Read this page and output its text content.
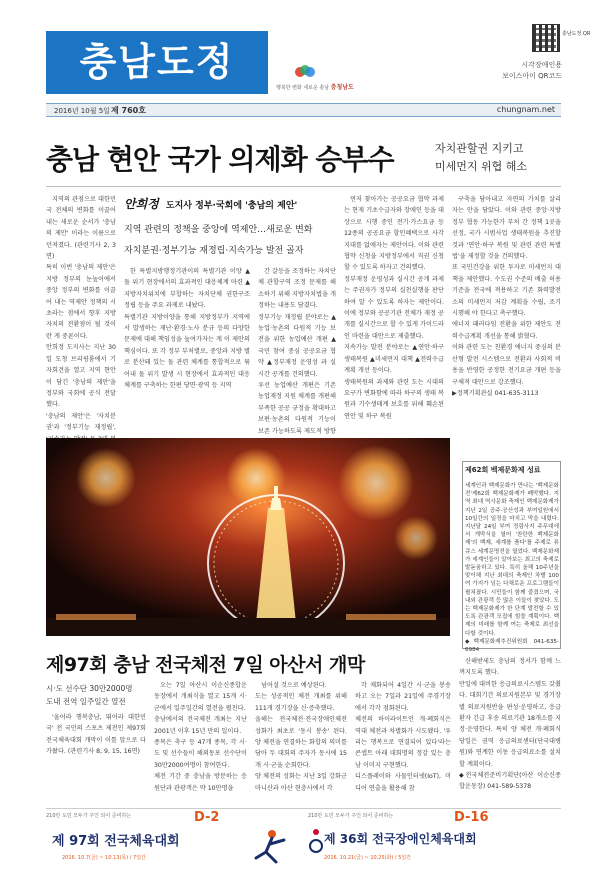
충남도정
행복한 변화 새로운 충남 충청남도
충남도정 QR
시각장애인용
보이스아이 QR코드
2016년 10월 5일 제 760호	chungnam.net
충남 현안 국가 의제화 승부수	자치관할권 지키고
미세먼지 위협 해소

지역의 관점으로 대한민국 전체의 변화를 이끌어내는 새로운 순서가 '충남의 제안' 이라는 이름으로 던져졌다. (관련기사 2, 3면)
특히 이번 '충남의 제안'은 지방 정부의 눈높이에서 중앙 정부의 변화를 이끌어 내는 역제안 정책의 시초라는 점에서 향후 지방자치의 전환점이 될 것이란 게 중론이다.
안희정 도지사는 지난 30일 도청 브리핑룸에서 기자회견을 열고 지역 현안이 담긴 '충남의 제안'을 정부와 국회에 공식 전달했다.
'충남의 제안'은 '자치분권'과 '정부기능 재정립',

안희정 도지사 정부·국회에 '충남의 제안'
지역 관련의 정책을 중앙에 역제안…새로운 변화
자치분권·정부기능 재정립·지속가능 발전 골자

한 특별지방행정기관이의 특별기관 이양 ▲돌 위기 현장에서의 효과적인 대응체계 마련 ▲지방자치위치에 부합하는 자치단체 권한구조 정립 등을 주요 과제로 내놨다.
특별기관 지방이양을 통해 지방정부가 지역에서 발생하는 재난·환경·노사 분규 등의 다양한 문제에 대해 책임성을 높여가자는 게 이 제안의 핵심이다. 또 각 정부 부처별로, 중앙과 지방 별로 분산돼 있는 돌 관련 체계를 통합적으로 묶어내 돌 위기 발생 시 현장에서 효과적인 대응 체계를 구축하는 한편 당면·광역 등 지역

간 갈등을 조정하는 자치단체 관할구역 조정 문제를 해소하기 위해 지방자치법을 개정하는 내용도 담겼다.
정부기능 재정립 분야로는 ▲농업·농촌의 다원적 기능 보전을 위한 농업예산 개편 ▲국민 참여 중심 공공요금 협약 ▲정부재정 운영성 과 실시간 공개를 건의했다.
우선 농업예산 개편은 기존 농업재정 지원 체계를 개편해 부족한 공공 규정을 확대하고 보편·농촌의 다원적 기능이 보존 가능하도록 제도적 방향

먼저 찾아가는 공공요금 협약 과제는 현재 기초수급자와 장애인 등을 대상으로 시행 중인 전기·가스요금 등 12종의 공공요금 할인혜택으로 사각지대를 없애자는 제안이다. 이와 관련 협약 신청을 지방정부에서 직권 신청할 수 있도록 하자고 건의했다.
정부재정 운영성과 실시간 공개 과제는 주권자가 정부의 실천실행을 판단하여 알 수 있도록 하자는 제안이다. 이에 정부와 공공기관 전체가 재정 공개를 실시간으로 할 수 있게 가이드라인 마련을 대안으로 제출했다.
지속가능 발전 분야로는 ▲연안·하구 생태복원 ▲미세먼지 대책 ▲전력수급계획 개선 등이다.
생태복원의 과제와 관련 도는 시대의 요구가 변화함에 따라 하구의 생태 복원과 기수생태계 보호를 위해 훼손된 연안 및 하구 복원

구축을 담아내고 자연의 가치를 살리자는 안을 담았다. 이와 관련 중앙·지방정부 협동 가능한가 부처 간 정책 1곳을 선정, 국가 시범사업 생태복원을 추진할 것과 '연안·하구 복원 및 관련 관련 특별법'을 제정할 것을 건의했다.
또 국민건강을 위한 투자로 미세먼지 대책을 제안했다. 수도권 수준의 배출 허용 기준을 전국에 적용하고 기존 화력발전소의 미세먼지 저감 계획을 수립, 조기 시행해 야 한다고 촉구했다.
에너지 패러다임 전환을 위한 제안도 전력수급계획 개선을 통해 밝혔다.
이와 관련 도는 친환경 에너지 중심의 분산형 발전 시스템으로 전환과 사회적 비용을 반영한 공정한 전기요금 개편 등을 구체적 대안으로 강조했다.
▶정책기획관실 041-635-3113

제62회 백제문화제 성료
세계인과 백제문화가 만나는 '백제문화전'제62회 백제문화제가 폐막했다. 지역 최대 역사문화 축제인 백제문화제가 지난 2일 공주·공산성과 부여일원에서 10일간의 일정을 마치고 막을 내렸다. 지난달 24일 부여 정림사지 주무대에서 개막식을 열어 '찬란한 백제문화제'의 백제, 세계를 품다'를 주제로 류큐스 세계문명전을 열었다. 백제문화제가 세계인들이 알아보는 최고의 축제로 발돋움하고 있다. 특히 올해 10주년을 맞이해 지난 최대의 축제인 차별 100여 가지가 넘는 다채로운 프로그램들이 펼쳐졌다. 시민들이 함께 즐겼으며, 국내외 관광객 등 많은 이들이 찾았다. 도는 백제문화제가 한 단계 발전할 수 있도록 관광객 모집에 힘쓸 계획이다. 백제의 미래를 함께 여는 축제로 최선을 다할 것이다.
◆백제문화제추진위원회 041-635-6984
제97회 충남 전국체전 7일 아산서 개막
시·도 선수단 30만2000명
도내 전역 일주일간 열전

'울어라 행복충남, 뛰어라 대한민국' 전 국민의 스포츠 제전인 제97회 전국체육대회 개막이 이틀 앞으로 다가왔다. (관련기사 8, 9, 15, 16면)

오는 7일 아산시 이순신종합운동장에서 개최식을 열고 15개 시·군에서 일주일간의 열전을 펼친다.
충남에서의 전국체전 개최는 지난 2001년 이후 15년 만의 일이다.
종목은 축구 등 47개 종목, 각 시·도 및 선수들이 해외동포 선수단이 30만2000여명이 참여한다.
체전 기간 중 충남을 방문하는 응원단과 관광객은 약 10만명을

넘어설 것으로 예상된다.
도는 성공적인 체전 개최를 위해 111개 경기장을 신·증축했다.
올해는 전국체전·전국장애인체전 성화가 최초로 '동시 봉송' 된다. 양 체전을 연결하는 화합의 의미를 담아 두 대회의 주자가 동시에 15개 시·군을 순회한다.
양 체전의 성화는 지난 3일 강화군 마니산과 아산 현충사에서 각

각 채화되어 4일간 시·군을 봉송하고 오는 7일과 21일에 주경기장에서 각각 점화된다.
체전의 하이라이트인 개·폐회식은 역대 체전과 차별화가 시도됐다. '우리는 행복으로 연결되어 있다'라는 콘셉트 아래 대회명의 정감 있는 충남 이미지 구현했다.
디스플레이와 사물인터넷(IoT), 미디어 연출을 활용해 참

신해받세도 충남의 정서가 함께 느껴지도록 했다.
만일에 대비한 응급의료시스템도 갖췄다. 대회기간 의료지원본부 및 경기장별 의료지원반을 편성·운영하고, 응급 환자 긴급 후송 의료기관 18개소를 지정·운영한다. 특히 양 체전 개·폐회식 당일은 권역 응급의료센터(단국대병원)와 연계한 이동 응급의료소를 설치할 계획이다.
◆전국체전준비기획단(아산 이순신종합운동장) 041-589-5378

210만 도민 모두가 주인 되어 준비하는	D-2
제 97회 전국체육대회
2016. 10.7(금) ~ 10.13(목) / 7일간
210만 도민 모두가 주인 되어 준비하는	D-16
제 36회 전국장애인체육대회
2016. 10.21(금) ~ 10.25(화) / 5일간
